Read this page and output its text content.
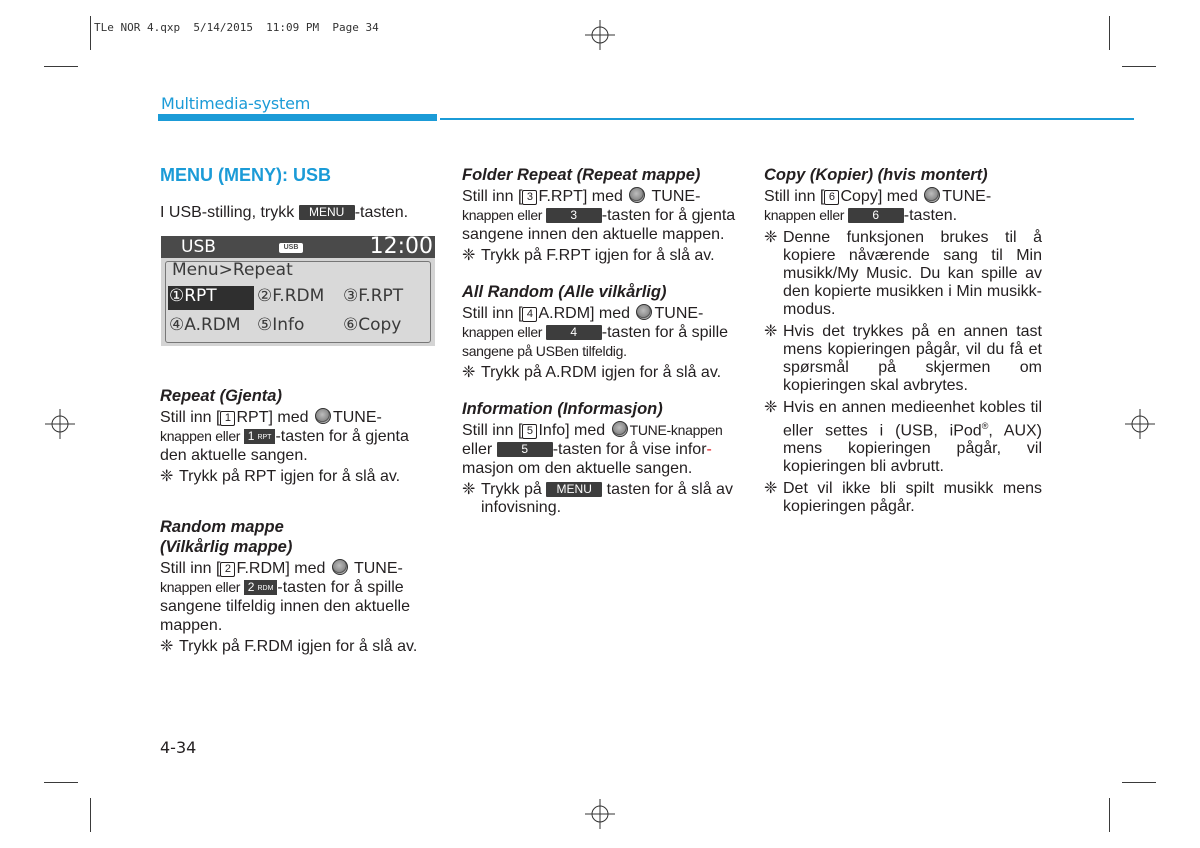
TLe NOR 4.qxp  5/14/2015  11:09 PM  Page 34
Multimedia-system
MENU (MENY): USB

I USB-stilling, trykk MENU -tasten.

USB	USB	12:00
Menu>Repeat
①RPT ②F.RDM ③F.RPT
④A.RDM ⑤Info ⑥Copy
Repeat (Gjenta)

Still inn [ 1 RPT] med TUNE-
knappen eller 1 RPT -tasten for å gjenta
den aktuelle sangen.

❈ Trykk på RPT igjen for å slå av.
Random mappe
(Vilkårlig mappe)

Still inn [ 2 F.RDM] med  TUNE-
knappen eller 2 RDM -tasten for å spille
sangene tilfeldig innen den aktuelle
mappen.

❈ Trykk på F.RDM igjen for å slå av.
Folder Repeat (Repeat mappe)

Still inn [ 3 F.RPT] med  TUNE-
knappen eller 3 -tasten for å gjenta
sangene innen den aktuelle mappen.

❈ Trykk på F.RPT igjen for å slå av.
All Random (Alle vilkårlig)

Still inn [ 4 A.RDM] med TUNE-
knappen eller 4 -tasten for å spille
sangene på USBen tilfeldig.

❈ Trykk på A.RDM igjen for å slå av.
Information (Informasjon)

Still inn [ 5 Info] med TUNE-knappen
eller 5 -tasten for å vise infor-
masjon om den aktuelle sangen.

❈ Trykk på MENU tasten for å slå av
infovisning.
Copy (Kopier) (hvis montert)

Still inn [ 6 Copy] med TUNE-
knappen eller 6 -tasten.

❈ Denne funksjonen brukes til å kopiere nåværende sang til Min musikk/My Music. Du kan spille av den kopierte musikken i Min musikk-modus.
❈ Hvis det trykkes på en annen tast mens kopieringen pågår, vil du få et spørsmål på skjermen om kopieringen skal avbrytes.
❈ Hvis en annen medieenhet kobles til eller settes i (USB, iPod®, AUX) mens kopieringen pågår, vil kopieringen bli avbrutt.
❈ Det vil ikke bli spilt musikk mens kopieringen pågår.
4-34
